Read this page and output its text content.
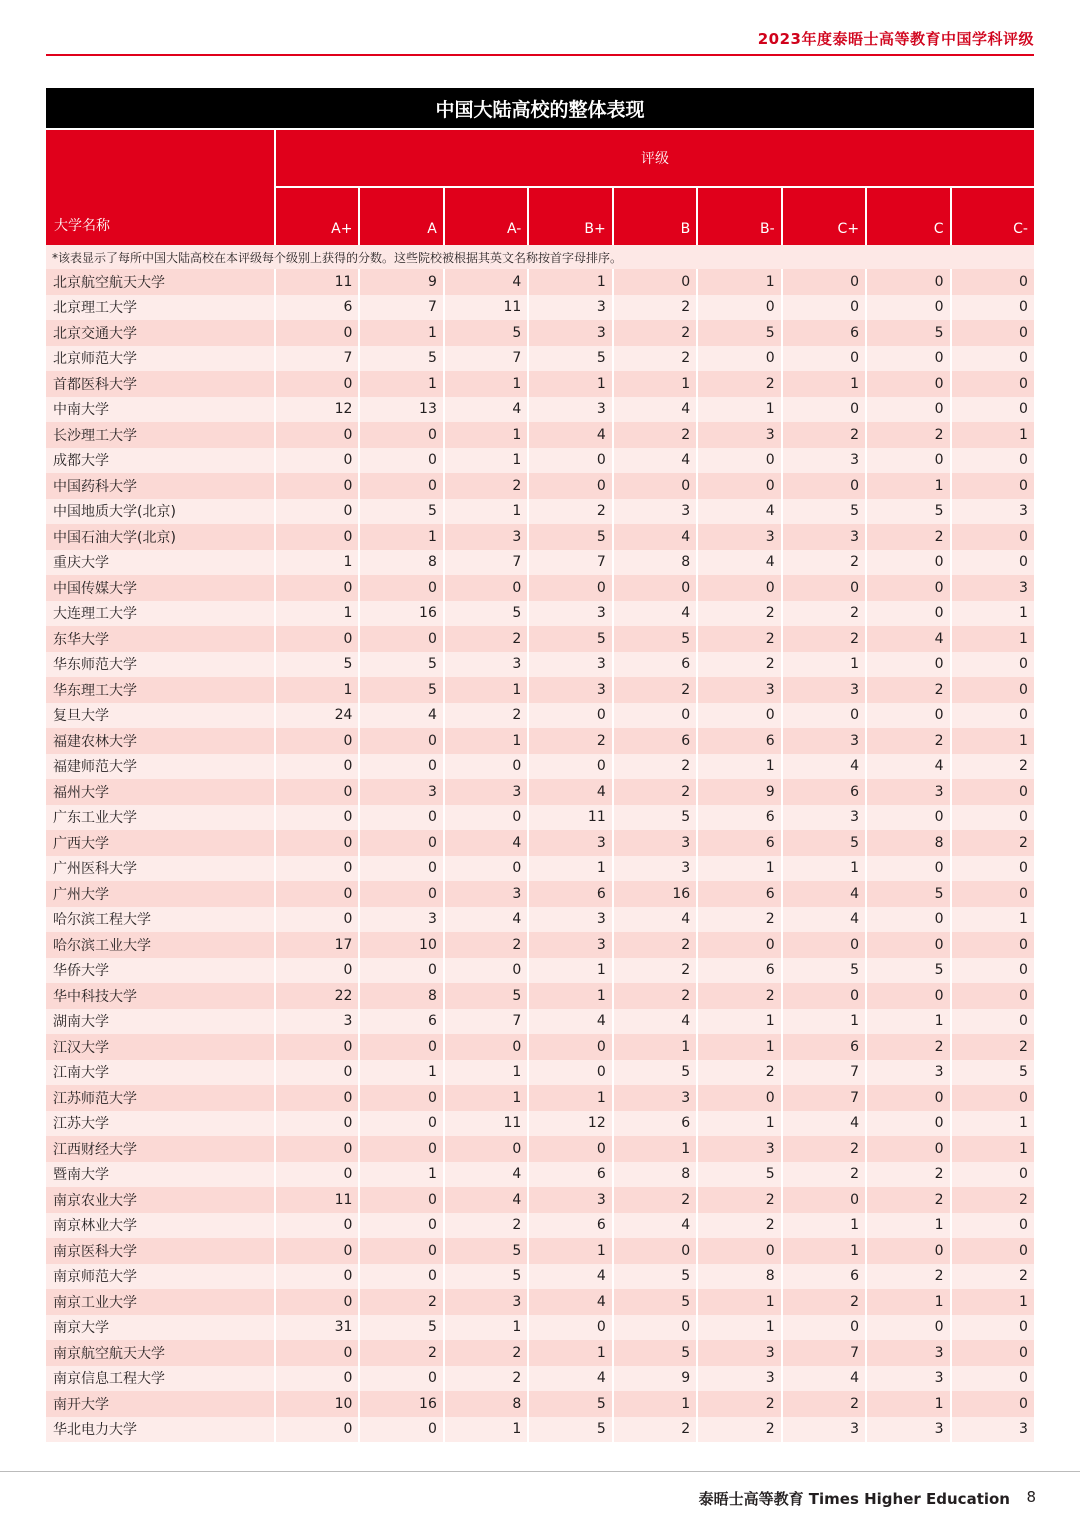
2023年度泰晤士高等教育中国学科评级
中国大陆高校的整体表现
大学名称
评级
A+	A	A-	B+	B	B-	C+	C	C-
*该表显示了每所中国大陆高校在本评级每个级别上获得的分数。这些院校被根据其英文名称按首字母排序。
北京航空航天大学	11	9	4	1	0	1	0	0	0
北京理工大学	6	7	11	3	2	0	0	0	0
北京交通大学	0	1	5	3	2	5	6	5	0
北京师范大学	7	5	7	5	2	0	0	0	0
首都医科大学	0	1	1	1	1	2	1	0	0
中南大学	12	13	4	3	4	1	0	0	0
长沙理工大学	0	0	1	4	2	3	2	2	1
成都大学	0	0	1	0	4	0	3	0	0
中国药科大学	0	0	2	0	0	0	0	1	0
中国地质大学(北京)	0	5	1	2	3	4	5	5	3
中国石油大学(北京)	0	1	3	5	4	3	3	2	0
重庆大学	1	8	7	7	8	4	2	0	0
中国传媒大学	0	0	0	0	0	0	0	0	3
大连理工大学	1	16	5	3	4	2	2	0	1
东华大学	0	0	2	5	5	2	2	4	1
华东师范大学	5	5	3	3	6	2	1	0	0
华东理工大学	1	5	1	3	2	3	3	2	0
复旦大学	24	4	2	0	0	0	0	0	0
福建农林大学	0	0	1	2	6	6	3	2	1
福建师范大学	0	0	0	0	2	1	4	4	2
福州大学	0	3	3	4	2	9	6	3	0
广东工业大学	0	0	0	11	5	6	3	0	0
广西大学	0	0	4	3	3	6	5	8	2
广州医科大学	0	0	0	1	3	1	1	0	0
广州大学	0	0	3	6	16	6	4	5	0
哈尔滨工程大学	0	3	4	3	4	2	4	0	1
哈尔滨工业大学	17	10	2	3	2	0	0	0	0
华侨大学	0	0	0	1	2	6	5	5	0
华中科技大学	22	8	5	1	2	2	0	0	0
湖南大学	3	6	7	4	4	1	1	1	0
江汉大学	0	0	0	0	1	1	6	2	2
江南大学	0	1	1	0	5	2	7	3	5
江苏师范大学	0	0	1	1	3	0	7	0	0
江苏大学	0	0	11	12	6	1	4	0	1
江西财经大学	0	0	0	0	1	3	2	0	1
暨南大学	0	1	4	6	8	5	2	2	0
南京农业大学	11	0	4	3	2	2	0	2	2
南京林业大学	0	0	2	6	4	2	1	1	0
南京医科大学	0	0	5	1	0	0	1	0	0
南京师范大学	0	0	5	4	5	8	6	2	2
南京工业大学	0	2	3	4	5	1	2	1	1
南京大学	31	5	1	0	0	1	0	0	0
南京航空航天大学	0	2	2	1	5	3	7	3	0
南京信息工程大学	0	0	2	4	9	3	4	3	0
南开大学	10	16	8	5	1	2	2	1	0
华北电力大学	0	0	1	5	2	2	3	3	3
泰晤士高等教育 Times Higher Education 8
